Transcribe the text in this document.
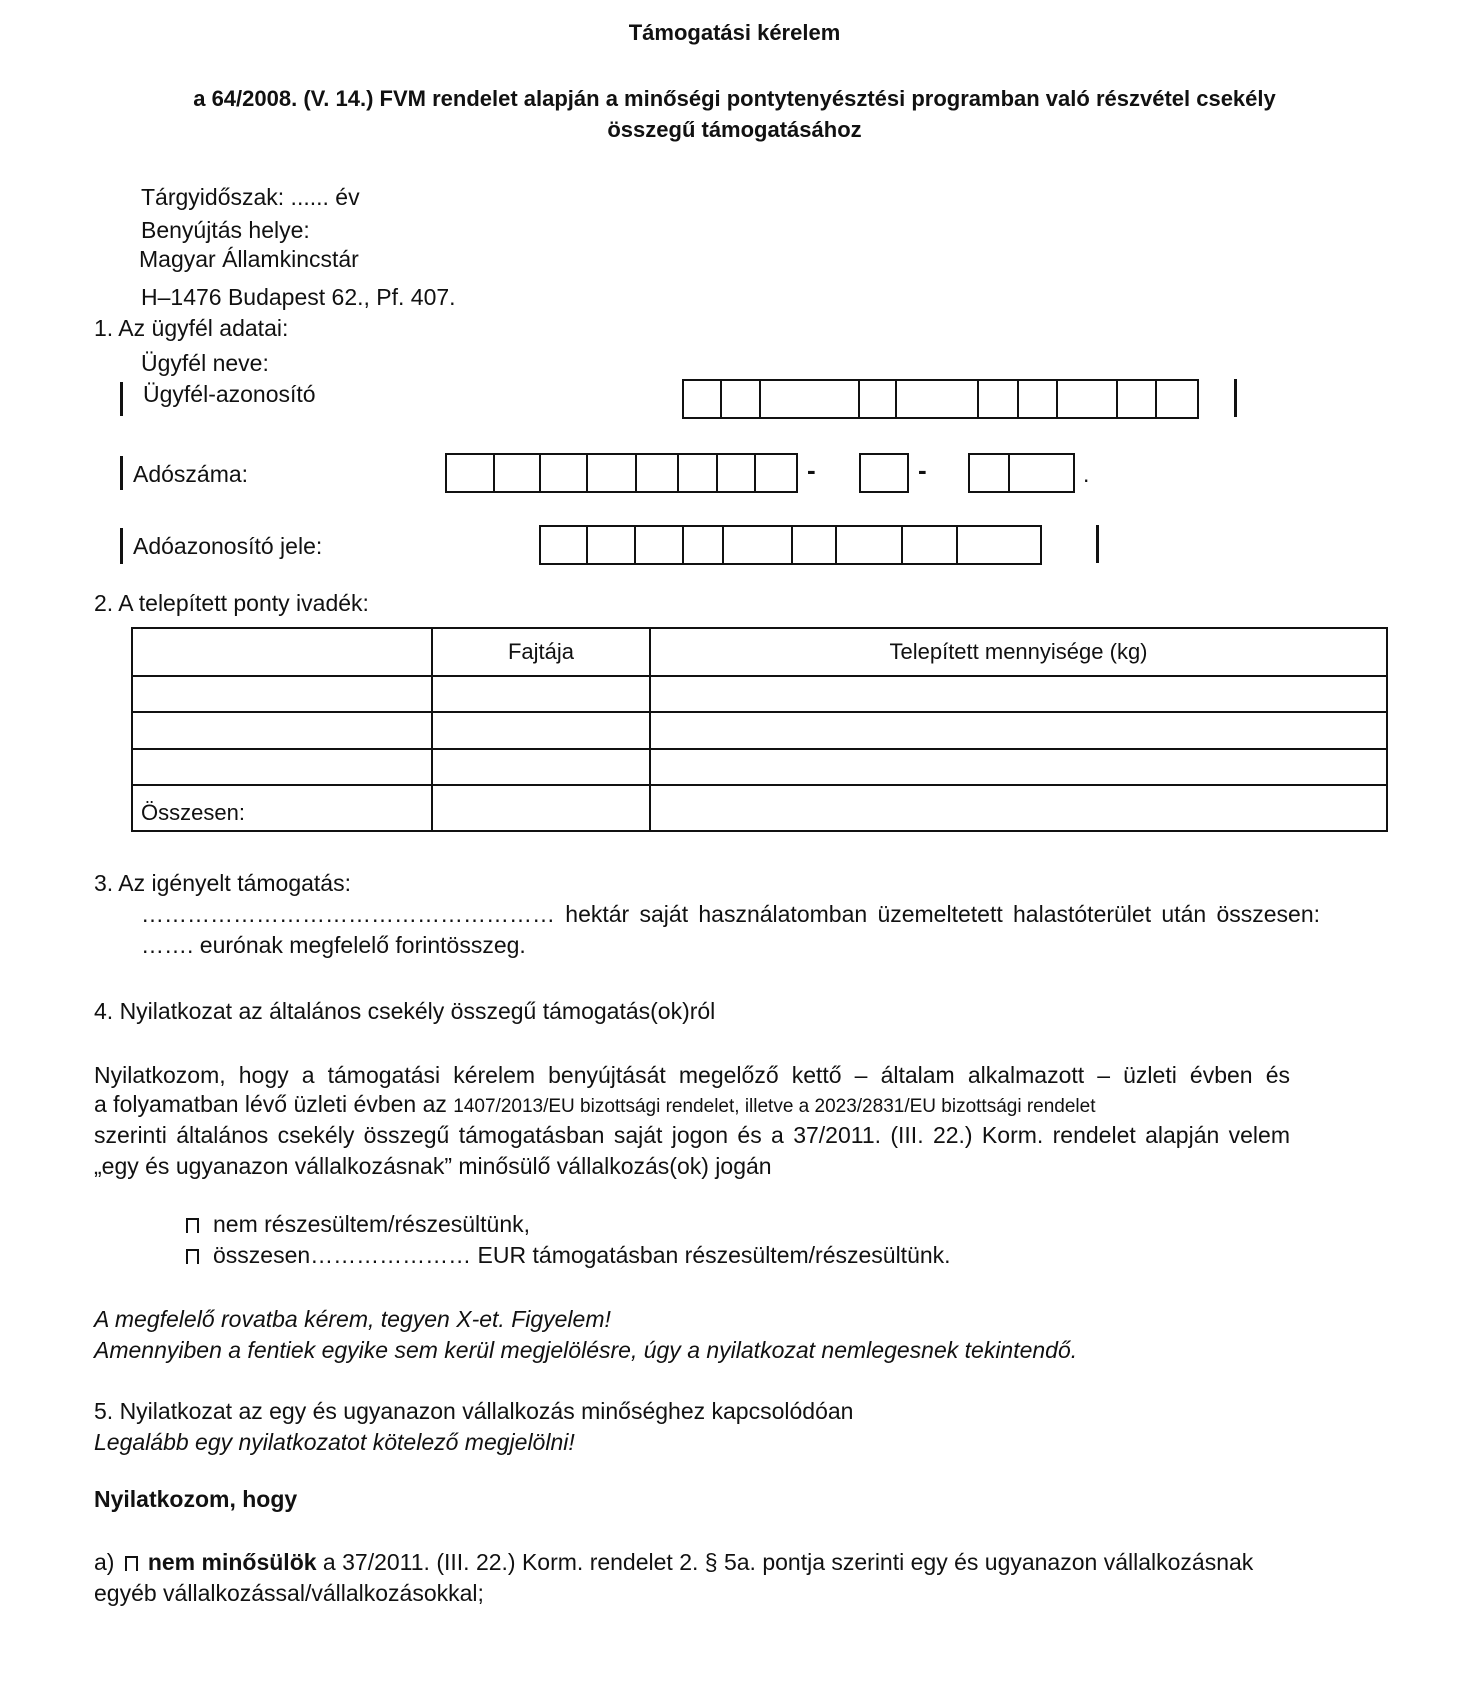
Támogatási kérelem
a 64/2008. (V. 14.) FVM rendelet alapján a minőségi pontytenyésztési programban való részvétel csekély
összegű támogatásához
Tárgyidőszak: ...... év
Benyújtás helye:
Magyar Államkincstár
H–1476 Budapest 62., Pf. 407.
1. Az ügyfél adatai:
Ügyfél neve:
Ügyfél-azonosító
Adószáma:	-	-	.
Adóazonosító jele:
2. A telepített ponty ivadék:
	Fajtája	Telepített mennyisége (kg)

Összesen:		
3. Az igényelt támogatás:
……………………………………………… hektár saját használatomban üzemeltetett halastóterület után összesen:
……. eurónak megfelelő forintösszeg.
4. Nyilatkozat az általános csekély összegű támogatás(ok)ról
Nyilatkozom, hogy a támogatási kérelem benyújtását megelőző kettő – általam alkalmazott – üzleti évben és
a folyamatban lévő üzleti évben az 1407/2013/EU bizottsági rendelet, illetve a 2023/2831/EU bizottsági rendelet
szerinti általános csekély összegű támogatásban saját jogon és a 37/2011. (III. 22.) Korm. rendelet alapján velem
„egy és ugyanazon vállalkozásnak” minősülő vállalkozás(ok) jogán
nem részesültem/részesültünk,
összesen………………… EUR támogatásban részesültem/részesültünk.
A megfelelő rovatba kérem, tegyen X-et. Figyelem!
Amennyiben a fentiek egyike sem kerül megjelölésre, úgy a nyilatkozat nemlegesnek tekintendő.
5. Nyilatkozat az egy és ugyanazon vállalkozás minőséghez kapcsolódóan
Legalább egy nyilatkozatot kötelező megjelölni!
Nyilatkozom, hogy
a) nem minősülök a 37/2011. (III. 22.) Korm. rendelet 2. § 5a. pontja szerinti egy és ugyanazon vállalkozásnak
egyéb vállalkozással/vállalkozásokkal;
